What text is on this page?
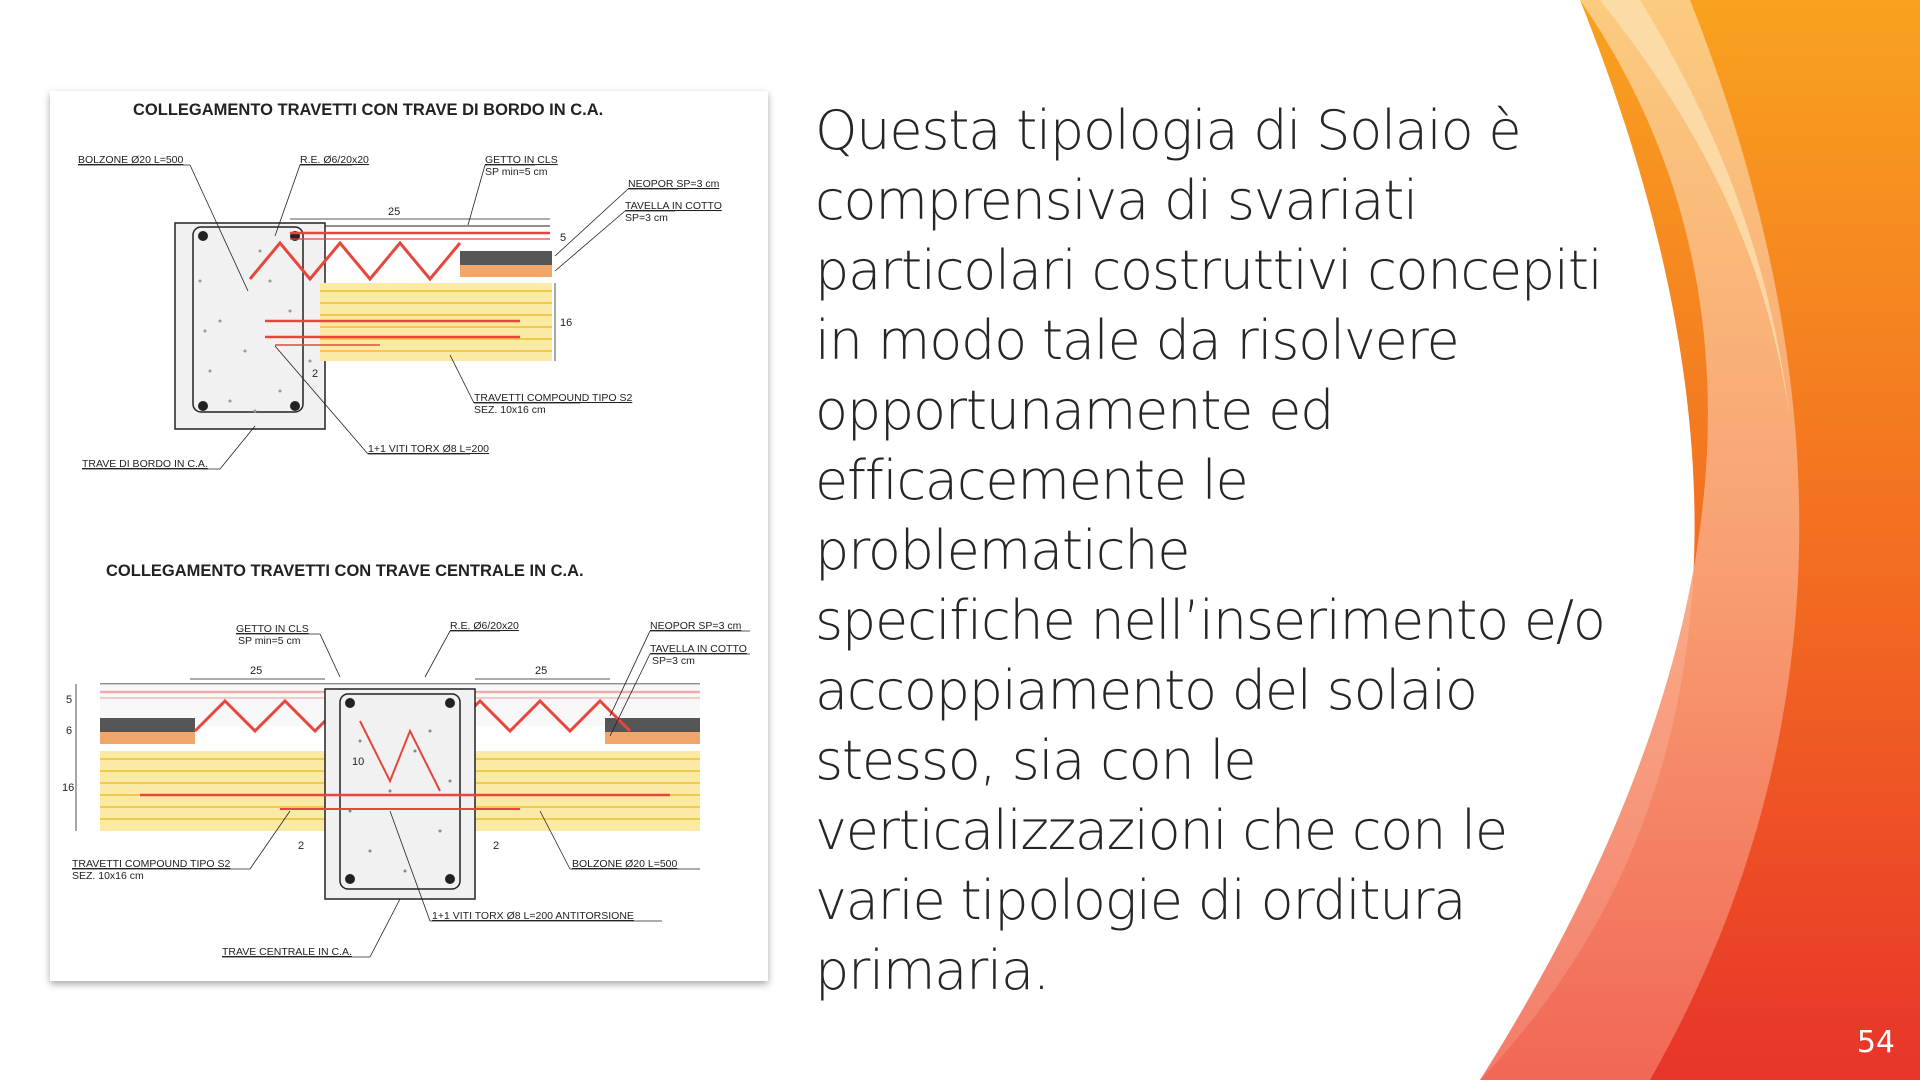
COLLEGAMENTO TRAVETTI CON TRAVE DI BORDO IN C.A.
25
5
16
2
BOLZONE Ø20 L=500	R.E. Ø6/20x20	GETTO IN CLS
SP min=5 cm
NEOPOR SP=3 cm
TAVELLA IN COTTO
SP=3 cm
TRAVETTI COMPOUND TIPO S2
SEZ. 10x16 cm
1+1 VITI TORX Ø8 L=200
TRAVE DI BORDO IN C.A.
COLLEGAMENTO TRAVETTI CON TRAVE CENTRALE IN C.A.
25	25
5
6
16
10
2	2
GETTO IN CLS
SP min=5 cm
R.E. Ø6/20x20	NEOPOR SP=3 cm
TAVELLA IN COTTO
SP=3 cm
TRAVETTI COMPOUND TIPO S2
SEZ. 10x16 cm
BOLZONE Ø20 L=500
1+1 VITI TORX Ø8 L=200 ANTITORSIONE
TRAVE CENTRALE IN C.A.

Questa tipologia di Solaio è
comprensiva di svariati
particolari costruttivi concepiti
in modo tale da risolvere
opportunamente ed
efficacemente le problematiche
specifiche nell’inserimento e/o
accoppiamento del solaio
stesso, sia con le
verticalizzazioni che con le
varie tipologie di orditura
primaria.

54
